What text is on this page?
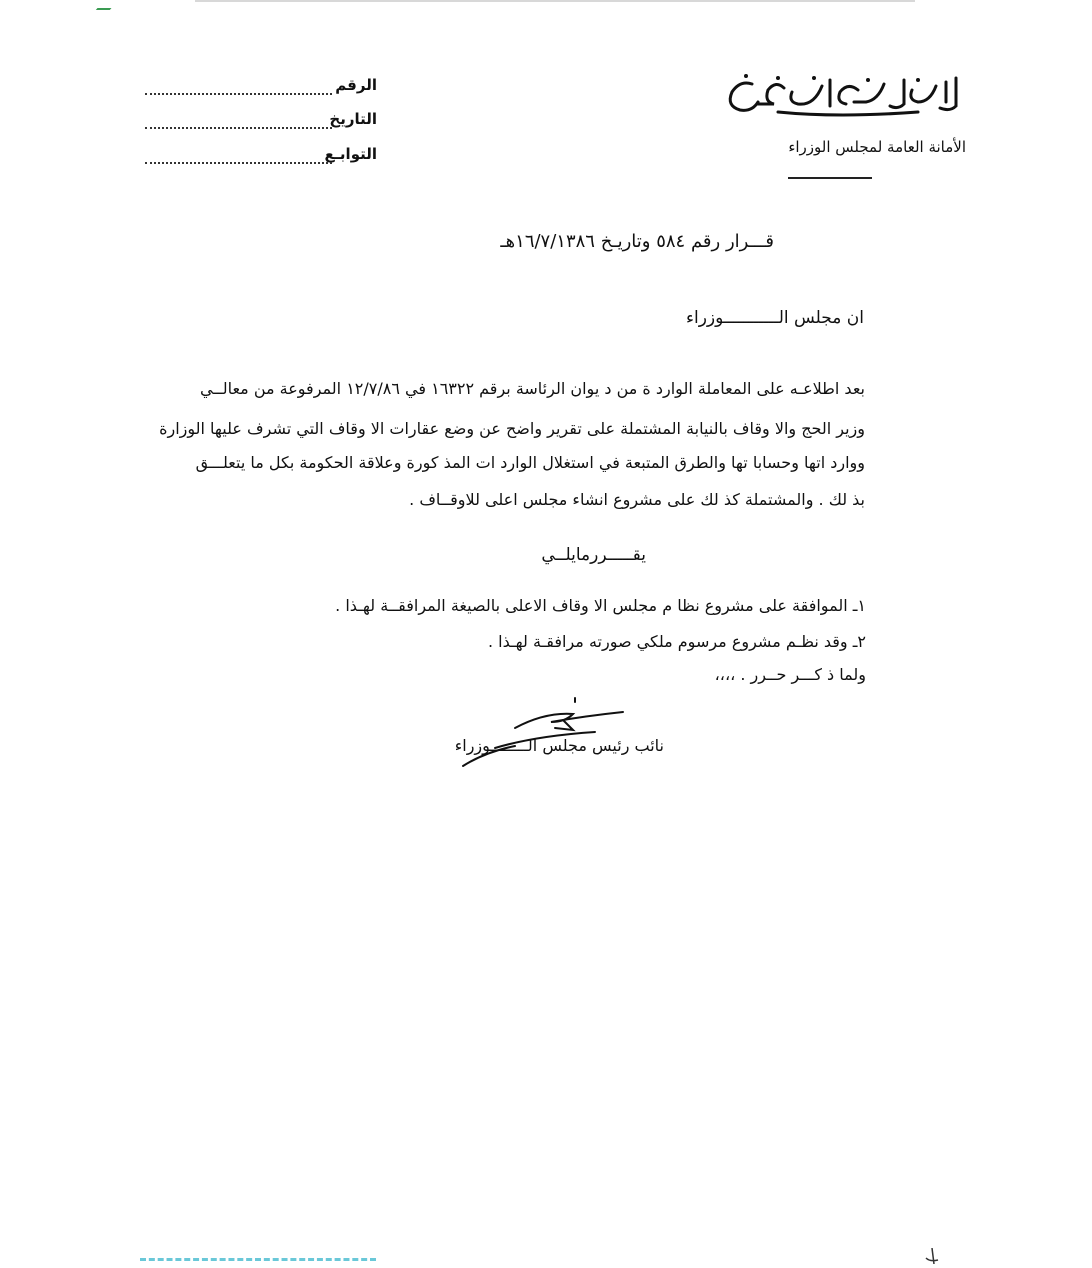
الأمانة العامة لمجلس الوزراء
الرقم
التاريخ
التوابـع
قـــرار رقم ٥٨٤ وتاريـخ ١٦/٧/١٣٨٦هـ
ان مجلس الـــــــــــوزراء
بعد اطلاعـه على المعاملة الوارد ة من د يوان الرئاسة برقم ١٦٣٢٢ في ١٢/٧/٨٦ المرفوعة من معالــي
وزير الحج والا وقاف بالنيابة المشتملة على تقرير واضح عن وضع عقارات الا وقاف التي تشرف عليها الوزارة
ووارد اتها وحسابا تها والطرق المتبعة في استغلال الوارد ات المذ كورة وعلاقة الحكومة بكل ما يتعلـــق
بذ لك . والمشتملة كذ لك على مشروع انشاء مجلس اعلى للاوقــاف .
يقـــــررمايلــي
١ـ الموافقة على مشروع نظا م مجلس الا وقاف الاعلى بالصيغة المرافقــة لهـذا .
٢ـ وقد نظـم مشروع مرسوم ملكي صورته مرافقـة لهـذا .
ولما ذ كـــر حــرر . ،،،،
نائب رئيس مجلس الــــــــوزراء
